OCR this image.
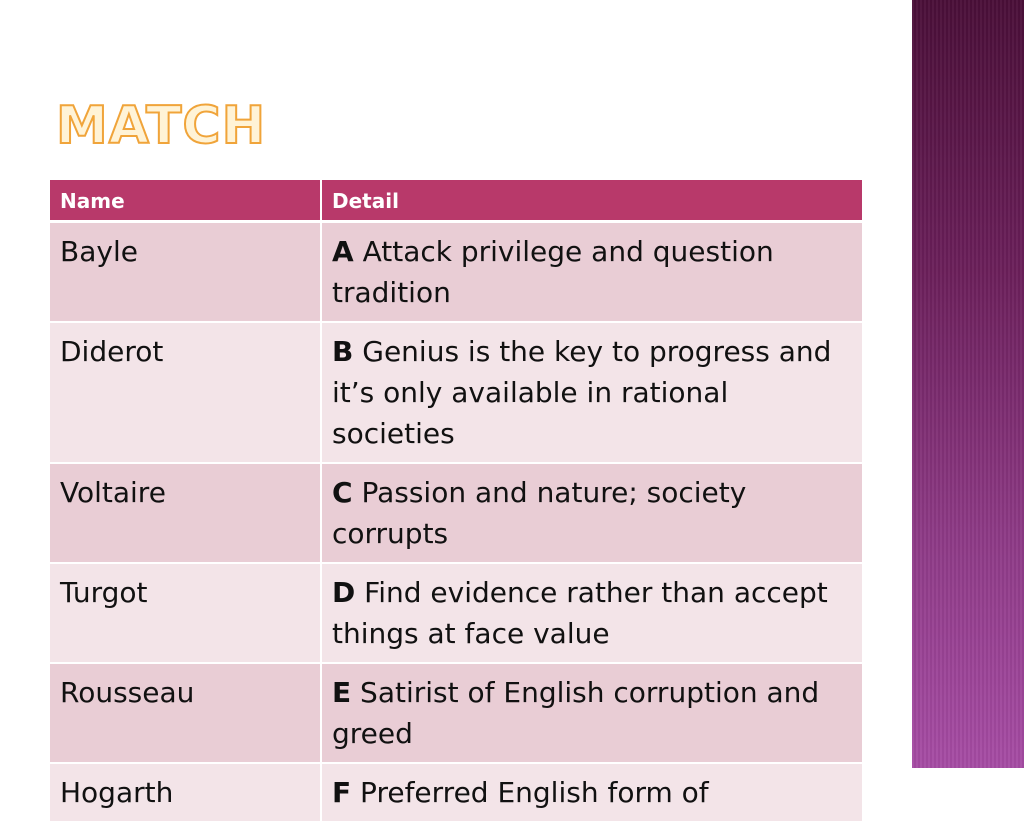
MATCH
Name	Detail
Bayle	A Attack privilege and question tradition
Diderot	B Genius is the key to progress and it’s only available in rational societies
Voltaire	C Passion and nature; society corrupts
Turgot	D Find evidence rather than accept things at face value
Rousseau	E Satirist of English corruption and greed
Hogarth	F Preferred English form of
